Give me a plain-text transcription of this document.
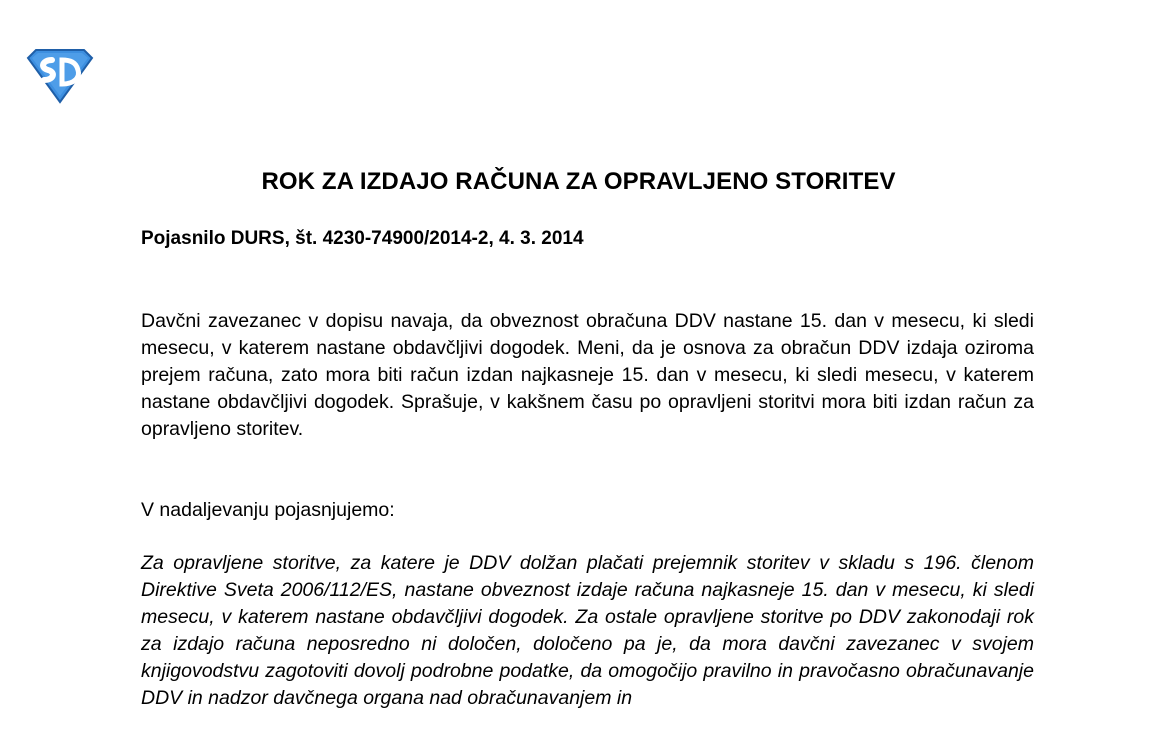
ROK ZA IZDAJO RAČUNA ZA OPRAVLJENO STORITEV
Pojasnilo DURS, št. 4230-74900/2014-2, 4. 3. 2014
Davčni zavezanec v dopisu navaja, da obveznost obračuna DDV nastane 15. dan v mesecu, ki sledi mesecu, v katerem nastane obdavčljivi dogodek. Meni, da je osnova za obračun DDV izdaja oziroma prejem računa, zato mora biti račun izdan najkasneje 15. dan v mesecu, ki sledi mesecu, v katerem nastane obdavčljivi dogodek. Sprašuje, v kakšnem času po opravljeni storitvi mora biti izdan račun za opravljeno storitev.
V nadaljevanju pojasnjujemo:
Za opravljene storitve, za katere je DDV dolžan plačati prejemnik storitev v skladu s 196. členom Direktive Sveta 2006/112/ES, nastane obveznost izdaje računa najkasneje 15. dan v mesecu, ki sledi mesecu, v katerem nastane obdavčljivi dogodek. Za ostale opravljene storitve po DDV zakonodaji rok za izdajo računa neposredno ni določen, določeno pa je, da mora davčni zavezanec v svojem knjigovodstvu zagotoviti dovolj podrobne podatke, da omogočijo pravilno in pravočasno obračunavanje DDV in nadzor davčnega organa nad obračunavanjem in
